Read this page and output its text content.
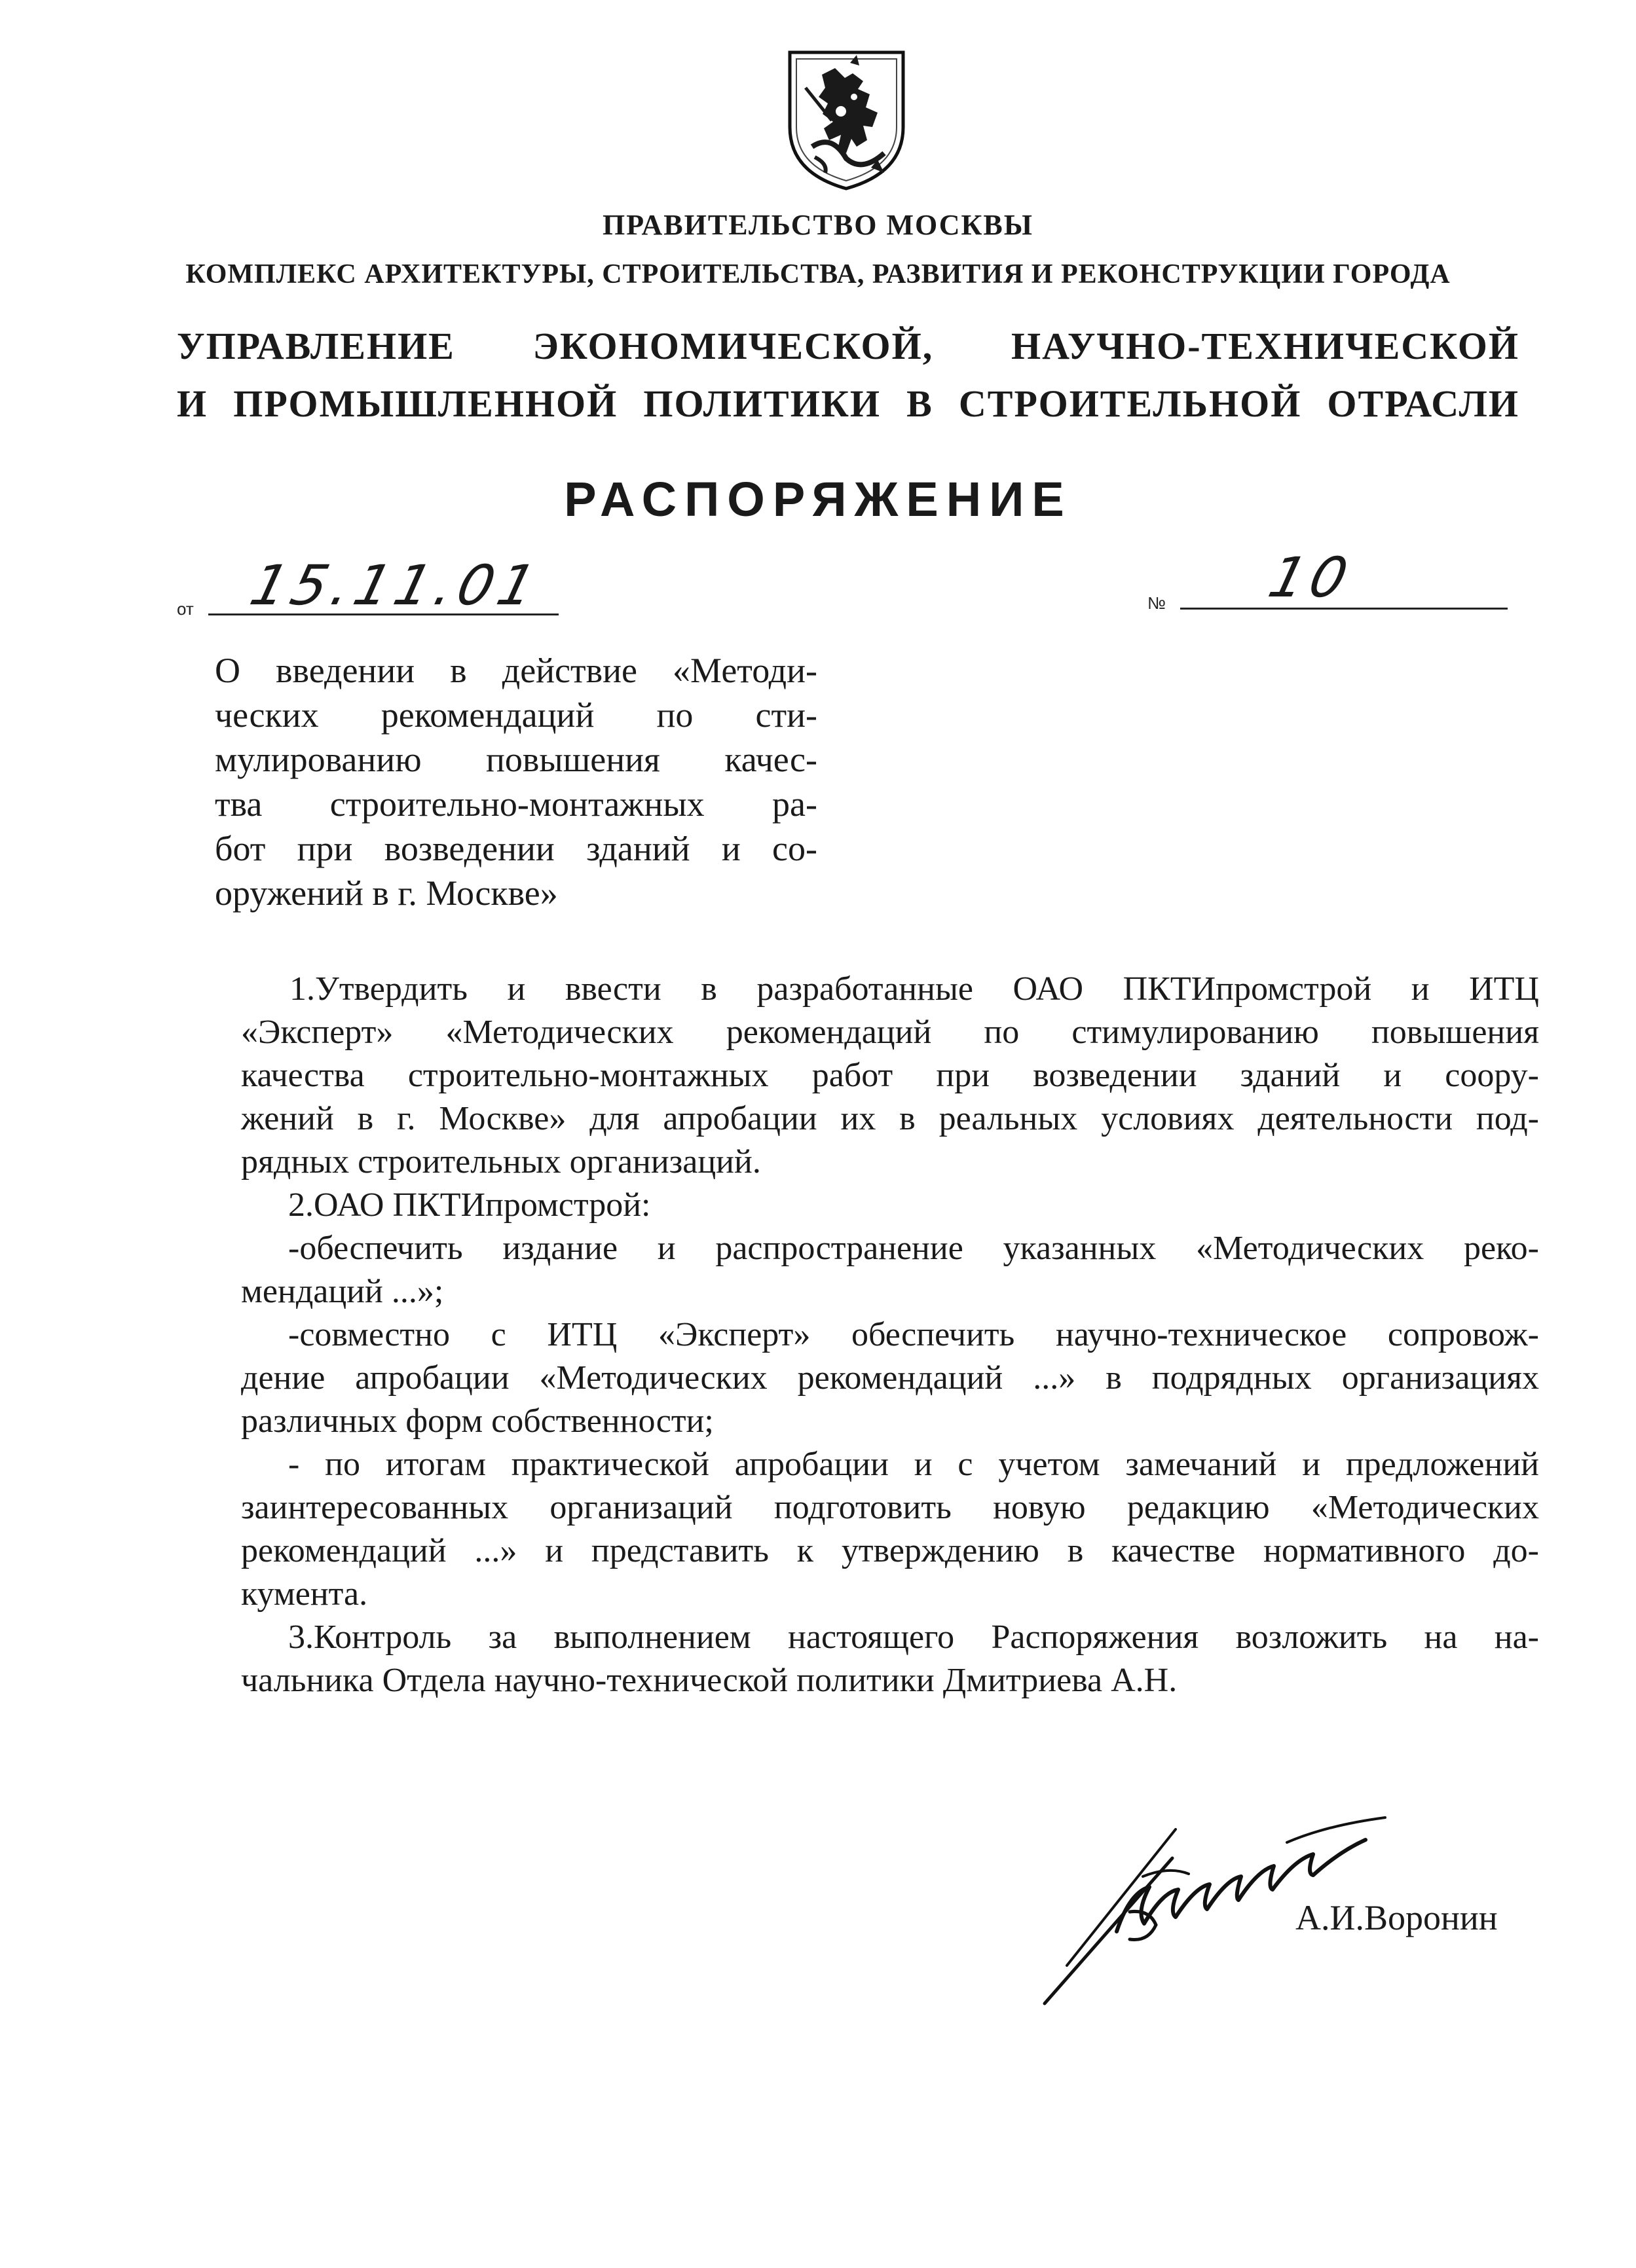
ПРАВИТЕЛЬСТВО МОСКВЫ
КОМПЛЕКС АРХИТЕКТУРЫ, СТРОИТЕЛЬСТВА, РАЗВИТИЯ И РЕКОНСТРУКЦИИ ГОРОДА
УПРАВЛЕНИЕ ЭКОНОМИЧЕСКОЙ, НАУЧНО-ТЕХНИЧЕСКОЙ
И ПРОМЫШЛЕННОЙ ПОЛИТИКИ В СТРОИТЕЛЬНОЙ ОТРАСЛИ
РАСПОРЯЖЕНИЕ
от 15.11.01	№ 10
О введении в действие «Методи-
ческих рекомендаций по сти-
мулированию повышения качес-
тва строительно-монтажных ра-
бот при возведении зданий и со-
оружений в г. Москве»
1.Утвердить и ввести в разработанные ОАО ПКТИпромстрой и ИТЦ
«Эксперт» «Методических рекомендаций по стимулированию повышения
качества строительно-монтажных работ при возведении зданий и соору-
жений в г. Москве» для апробации их в реальных условиях деятельности под-
рядных строительных организаций.
2.ОАО ПКТИпромстрой:
-обеспечить издание и распространение указанных «Методических реко-
мендаций ...»;
-совместно с ИТЦ «Эксперт» обеспечить научно-техническое сопровож-
дение апробации «Методических рекомендаций ...» в подрядных организациях
различных форм собственности;
- по итогам практической апробации и с учетом замечаний и предложений
заинтересованных организаций подготовить новую редакцию «Методических
рекомендаций ...» и представить к утверждению в качестве нормативного до-
кумента.
3.Контроль за выполнением настоящего Распоряжения возложить на на-
чальника Отдела научно-технической политики Дмитриева А.Н.
А.И.Воронин
